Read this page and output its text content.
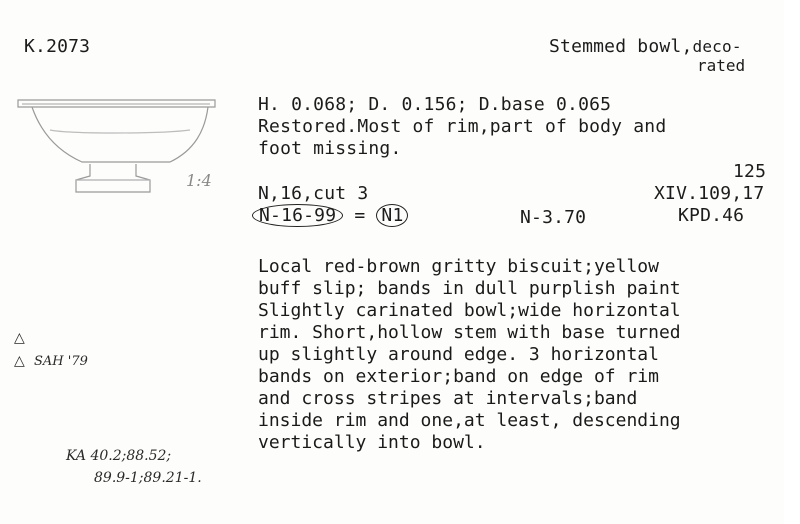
K.2073	Stemmed bowl,deco-
rated
1:4
H. 0.068; D. 0.156; D.base 0.065
Restored.Most of rim,part of body and
foot missing.
125
N,16,cut 3	XIV.109,17
N-16-99 = N1	N-3.70	KPD.46
Local red-brown gritty biscuit;yellow
buff slip; bands in dull purplish paint
Slightly carinated bowl;wide horizontal
rim. Short,hollow stem with base turned
up slightly around edge. 3 horizontal
bands on exterior;band on edge of rim
and cross stripes at intervals;band
inside rim and one,at least, descending
vertically into bowl.
△
△ SAH '79
KA 40.2;88.52;
89.9-1;89.21-1.
